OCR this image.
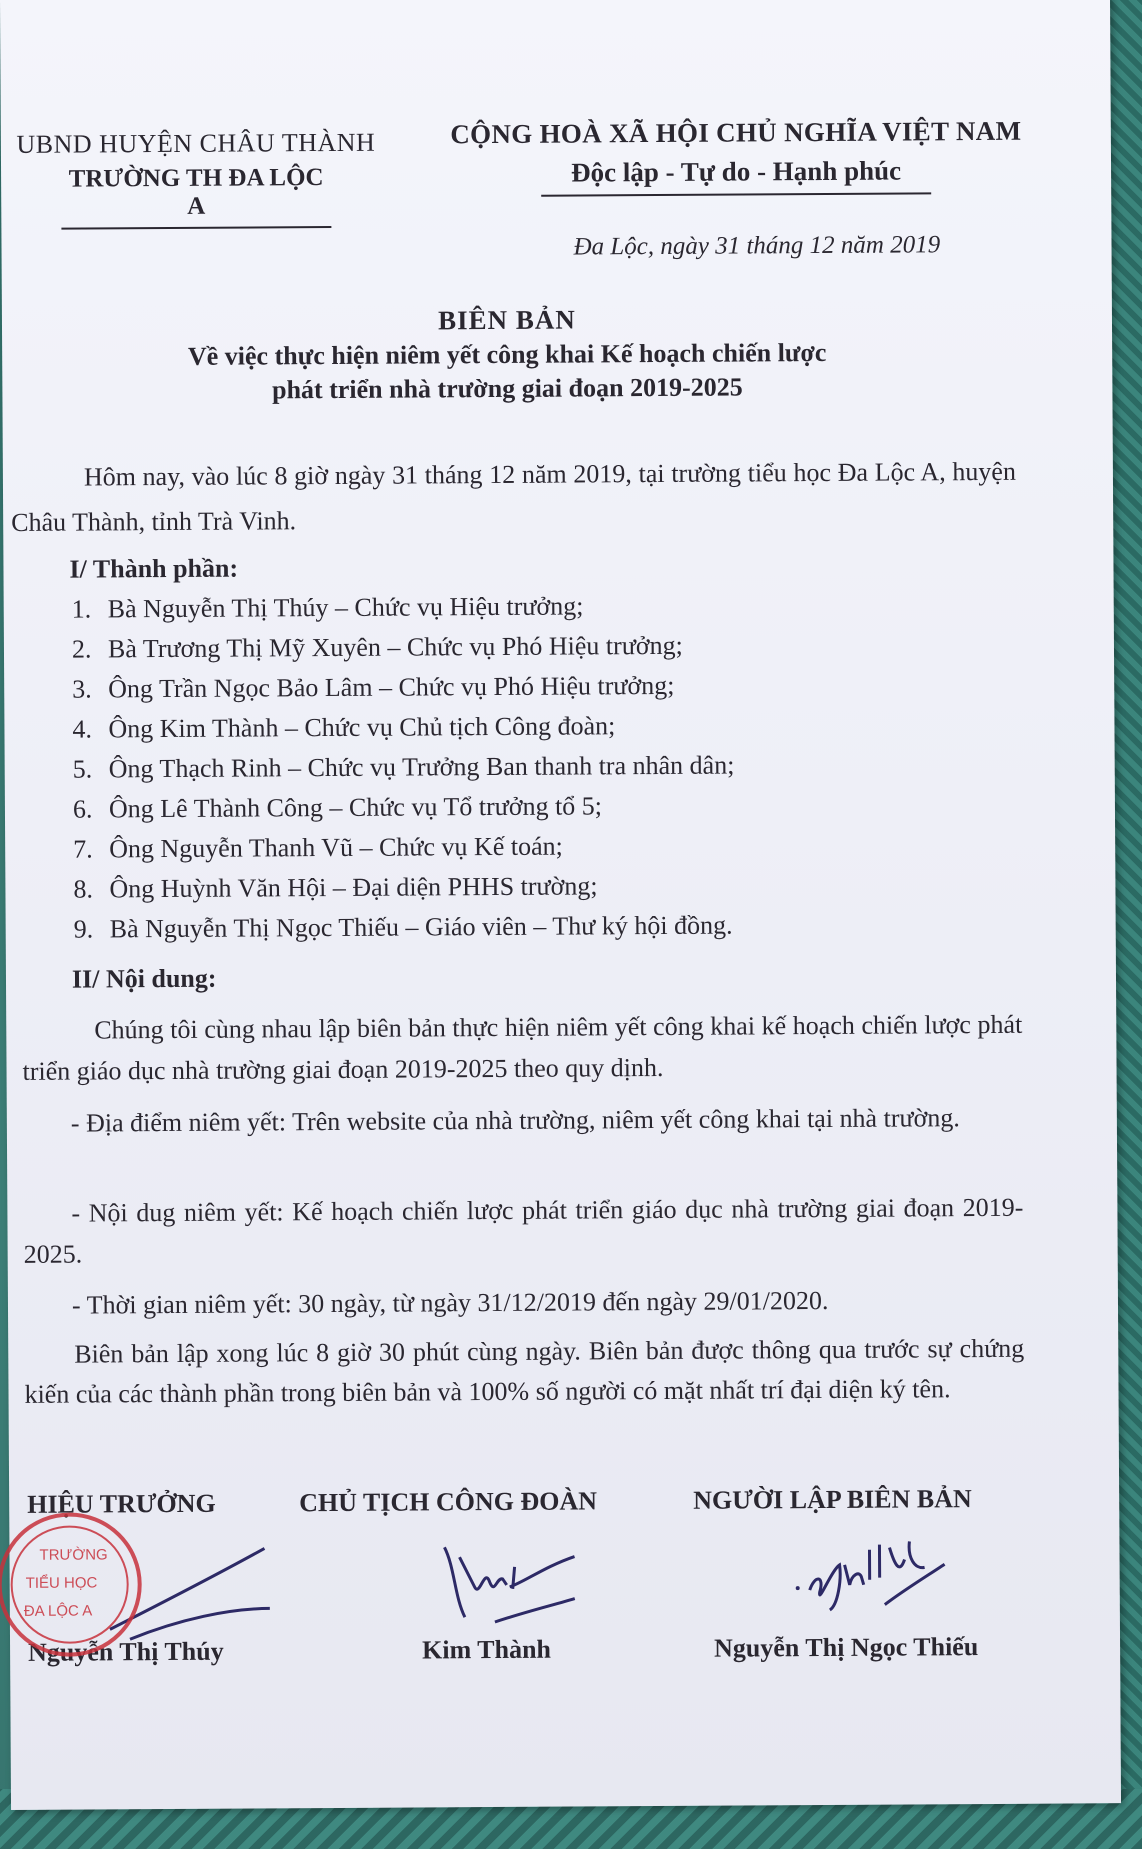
UBND HUYỆN CHÂU THÀNH
TRƯỜNG TH ĐA LỘC A
CỘNG HOÀ XÃ HỘI CHỦ NGHĨA VIỆT NAM
Độc lập - Tự do - Hạnh phúc
Đa Lộc, ngày 31 tháng 12 năm 2019
BIÊN BẢN
Về việc thực hiện niêm yết công khai Kế hoạch chiến lược
phát triển nhà trường giai đoạn 2019-2025
Hôm nay, vào lúc 8 giờ ngày 31 tháng 12 năm 2019, tại trường tiểu học Đa Lộc A, huyện Châu Thành, tỉnh Trà Vinh.
I/ Thành phần:
1. Bà Nguyễn Thị Thúy – Chức vụ Hiệu trưởng;
2. Bà Trương Thị Mỹ Xuyên – Chức vụ Phó Hiệu trưởng;
3. Ông Trần Ngọc Bảo Lâm – Chức vụ Phó Hiệu trưởng;
4. Ông Kim Thành – Chức vụ Chủ tịch Công đoàn;
5. Ông Thạch Rinh – Chức vụ Trưởng Ban thanh tra nhân dân;
6. Ông Lê Thành Công – Chức vụ Tổ trưởng tổ 5;
7. Ông Nguyễn Thanh Vũ – Chức vụ Kế toán;
8. Ông Huỳnh Văn Hội – Đại diện PHHS trường;
9. Bà Nguyễn Thị Ngọc Thiếu – Giáo viên – Thư ký hội đồng.
II/ Nội dung:
Chúng tôi cùng nhau lập biên bản thực hiện niêm yết công khai kế hoạch chiến lược phát triển giáo dục nhà trường giai đoạn 2019-2025 theo quy dịnh.
- Địa điểm niêm yết: Trên website của nhà trường, niêm yết công khai tại nhà trường.
- Nội dug niêm yết: Kế hoạch chiến lược phát triển giáo dục nhà trường giai đoạn 2019-2025.
- Thời gian niêm yết: 30 ngày, từ ngày 31/12/2019 đến ngày 29/01/2020.
Biên bản lập xong lúc 8 giờ 30 phút cùng ngày. Biên bản được thông qua trước sự chứng kiến của các thành phần trong biên bản và 100% số người có mặt nhất trí đại diện ký tên.
HIỆU TRƯỞNG	CHỦ TỊCH CÔNG ĐOÀN	NGƯỜI LẬP BIÊN BẢN
Nguyễn Thị Thúy	Kim Thành	Nguyễn Thị Ngọc Thiếu
TRƯỜNG
TIỂU HỌC
ĐA LỘC A
